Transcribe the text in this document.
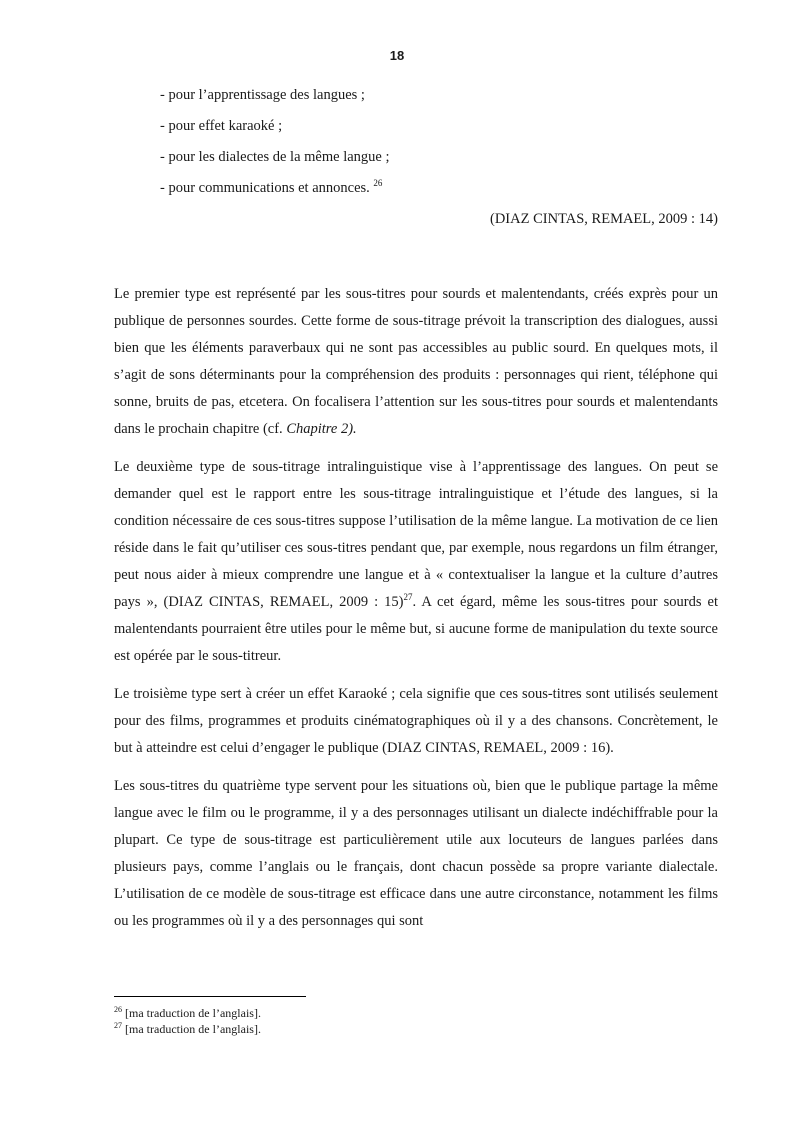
18
- pour l’apprentissage des langues ;
- pour effet karaoké ;
- pour les dialectes de la même langue ;
- pour communications et annonces. $^{26}$
(DIAZ CINTAS, REMAEL, 2009 : 14)

Le premier type est représenté par les sous-titres pour sourds et malentendants, créés exprès pour un publique de personnes sourdes. Cette forme de sous-titrage prévoit la transcription des dialogues, aussi bien que les éléments paraverbaux qui ne sont pas accessibles au public sourd. En quelques mots, il s’agit de sons déterminants pour la compréhension des produits : personnages qui rient, téléphone qui sonne, bruits de pas, etcetera. On focalisera l’attention sur les sous-titres pour sourds et malentendants dans le prochain chapitre (cf. Chapitre 2).

Le deuxième type de sous-titrage intralinguistique vise à l’apprentissage des langues. On peut se demander quel est le rapport entre les sous-titrage intralinguistique et l’étude des langues, si la condition nécessaire de ces sous-titres suppose l’utilisation de la même langue. La motivation de ce lien réside dans le fait qu’utiliser ces sous-titres pendant que, par exemple, nous regardons un film étranger, peut nous aider à mieux comprendre une langue et à « contextualiser la langue et la culture d’autres pays », (DIAZ CINTAS, REMAEL, 2009 : 15)$^{27}$. A cet égard, même les sous-titres pour sourds et malentendants pourraient être utiles pour le même but, si aucune forme de manipulation du texte source est opérée par le sous-titreur.

Le troisième type sert à créer un effet Karaoké ; cela signifie que ces sous-titres sont utilisés seulement pour des films, programmes et produits cinématographiques où il y a des chansons. Concrètement, le but à atteindre est celui d’engager le publique (DIAZ CINTAS, REMAEL, 2009 : 16).

Les sous-titres du quatrième type servent pour les situations où, bien que le publique partage la même langue avec le film ou le programme, il y a des personnages utilisant un dialecte indéchiffrable pour la plupart. Ce type de sous-titrage est particulièrement utile aux locuteurs de langues parlées dans plusieurs pays, comme l’anglais ou le français, dont chacun possède sa propre variante dialectale. L’utilisation de ce modèle de sous-titrage est efficace dans une autre circonstance, notamment les films ou les programmes où il y a des personnages qui sont

$^{26}$ [ma traduction de l’anglais].
$^{27}$ [ma traduction de l’anglais].
